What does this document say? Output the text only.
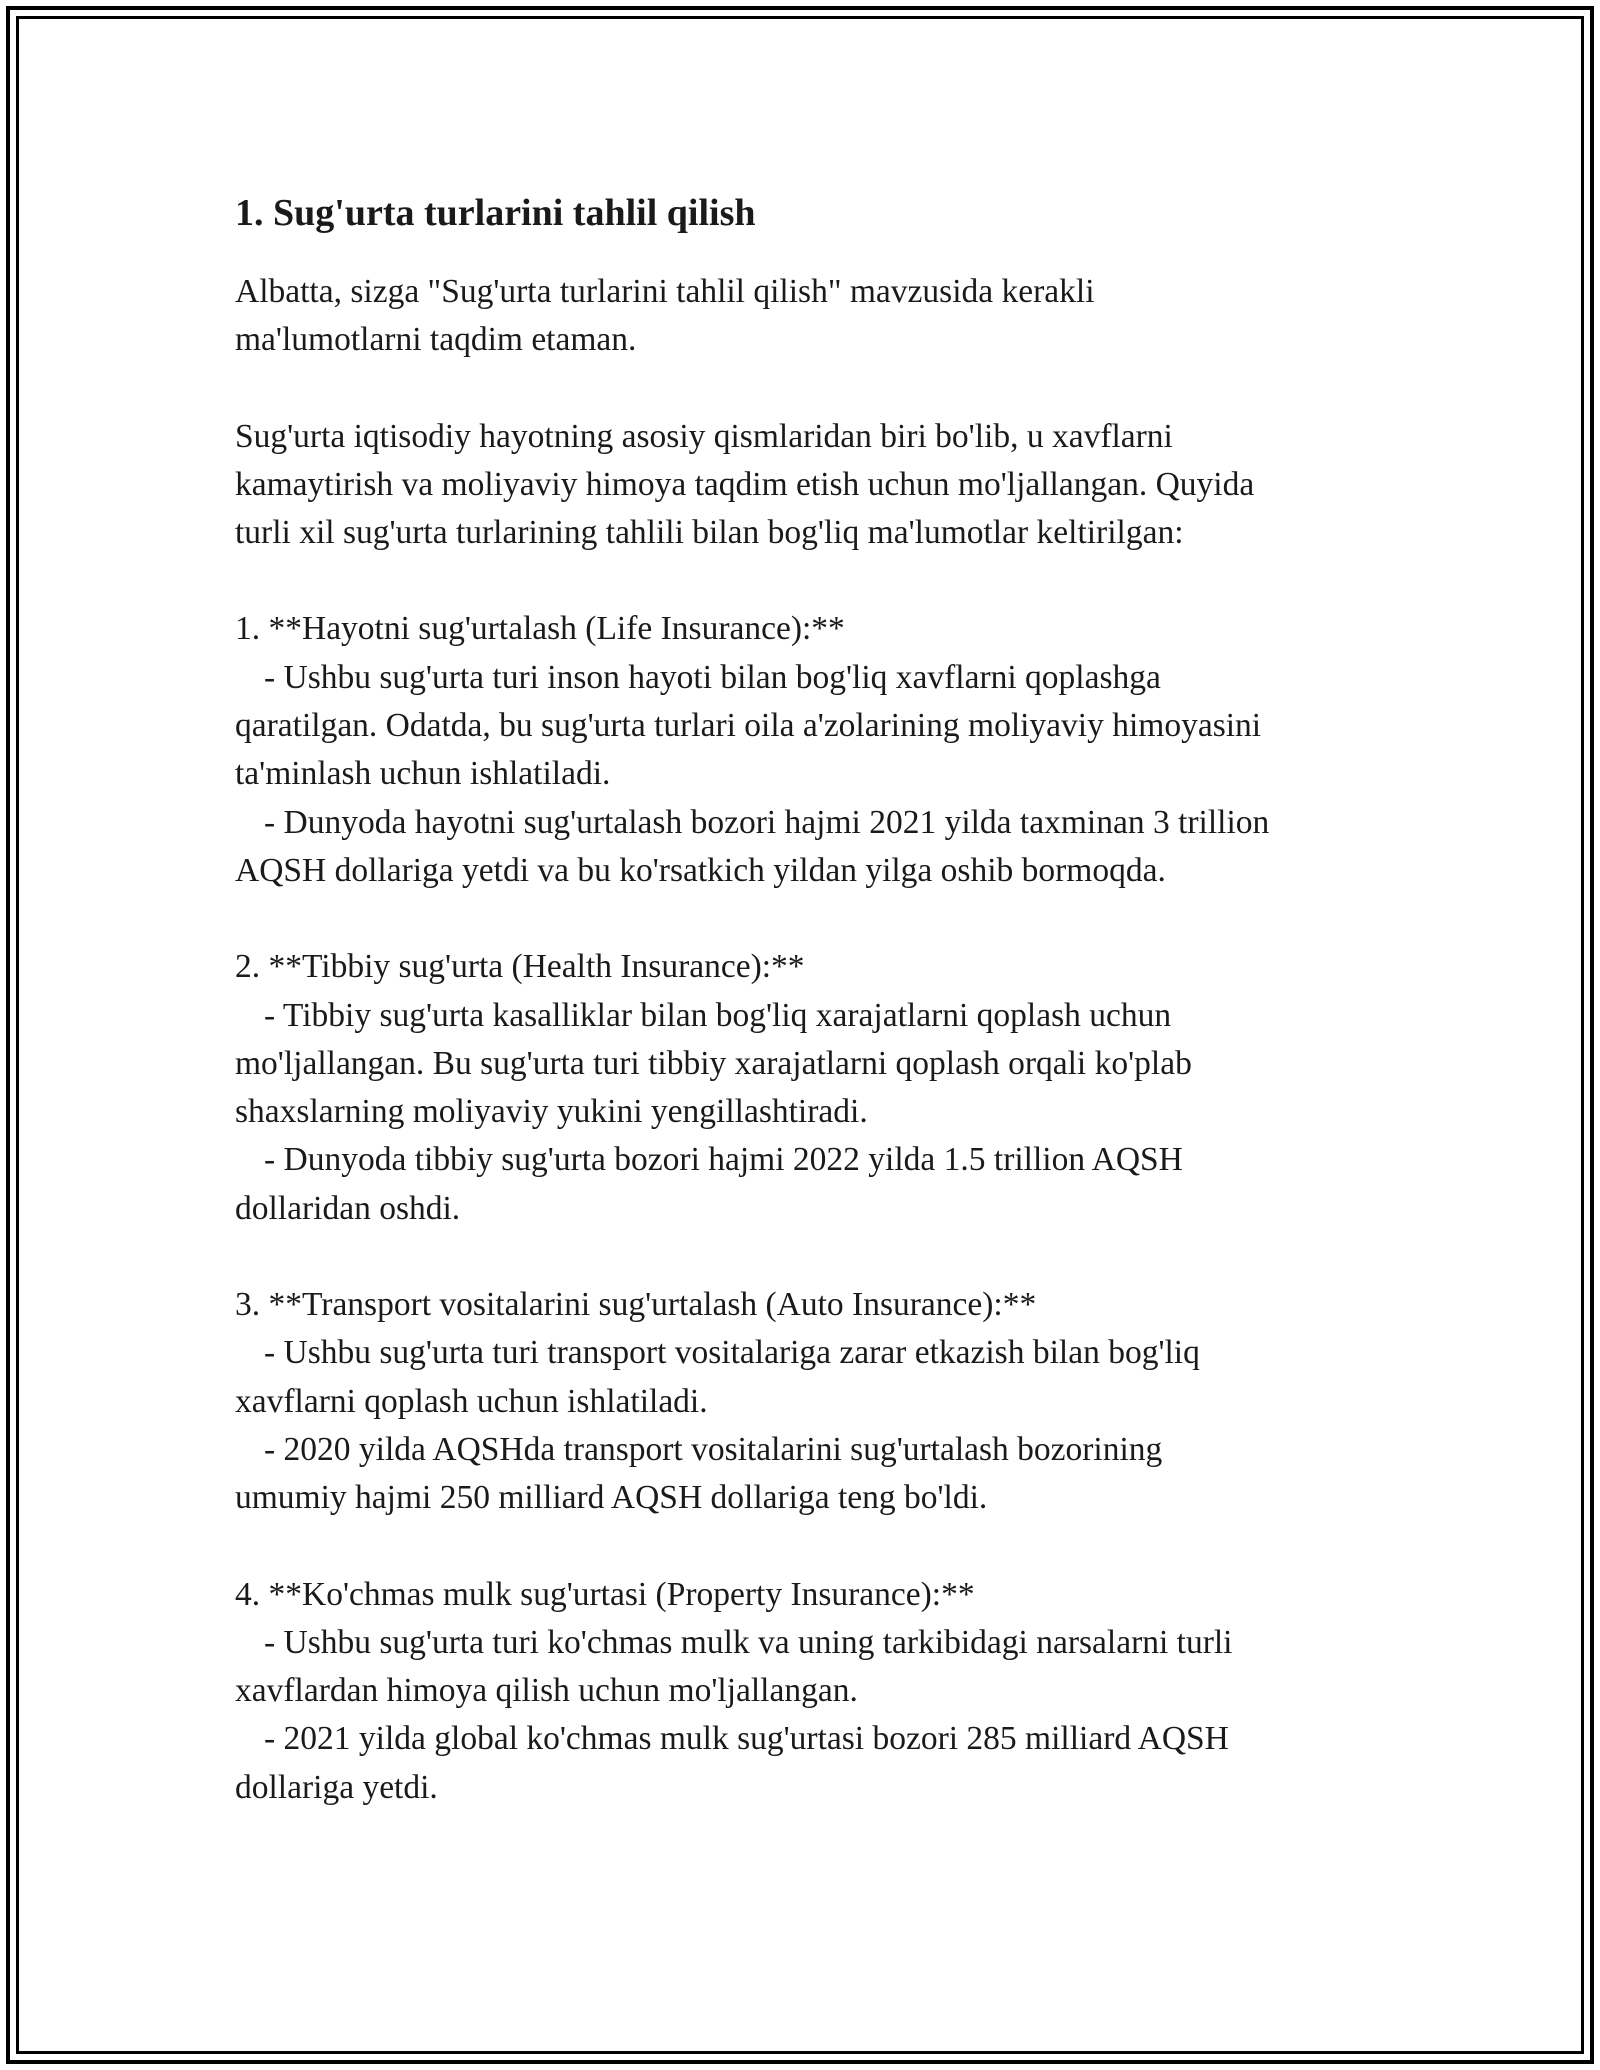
1. Sug'urta turlarini tahlil qilish

Albatta, sizga "Sug'urta turlarini tahlil qilish" mavzusida kerakli
ma'lumotlarni taqdim etaman.

Sug'urta iqtisodiy hayotning asosiy qismlaridan biri bo'lib, u xavflarni
kamaytirish va moliyaviy himoya taqdim etish uchun mo'ljallangan. Quyida
turli xil sug'urta turlarining tahlili bilan bog'liq ma'lumotlar keltirilgan:

1. **Hayotni sug'urtalash (Life Insurance):**
- Ushbu sug'urta turi inson hayoti bilan bog'liq xavflarni qoplashga
qaratilgan. Odatda, bu sug'urta turlari oila a'zolarining moliyaviy himoyasini
ta'minlash uchun ishlatiladi.
- Dunyoda hayotni sug'urtalash bozori hajmi 2021 yilda taxminan 3 trillion
AQSH dollariga yetdi va bu ko'rsatkich yildan yilga oshib bormoqda.
2. **Tibbiy sug'urta (Health Insurance):**
- Tibbiy sug'urta kasalliklar bilan bog'liq xarajatlarni qoplash uchun
mo'ljallangan. Bu sug'urta turi tibbiy xarajatlarni qoplash orqali ko'plab
shaxslarning moliyaviy yukini yengillashtiradi.
- Dunyoda tibbiy sug'urta bozori hajmi 2022 yilda 1.5 trillion AQSH
dollaridan oshdi.
3. **Transport vositalarini sug'urtalash (Auto Insurance):**
- Ushbu sug'urta turi transport vositalariga zarar etkazish bilan bog'liq
xavflarni qoplash uchun ishlatiladi.
- 2020 yilda AQSHda transport vositalarini sug'urtalash bozorining
umumiy hajmi 250 milliard AQSH dollariga teng bo'ldi.
4. **Ko'chmas mulk sug'urtasi (Property Insurance):**
- Ushbu sug'urta turi ko'chmas mulk va uning tarkibidagi narsalarni turli
xavflardan himoya qilish uchun mo'ljallangan.
- 2021 yilda global ko'chmas mulk sug'urtasi bozori 285 milliard AQSH
dollariga yetdi.
